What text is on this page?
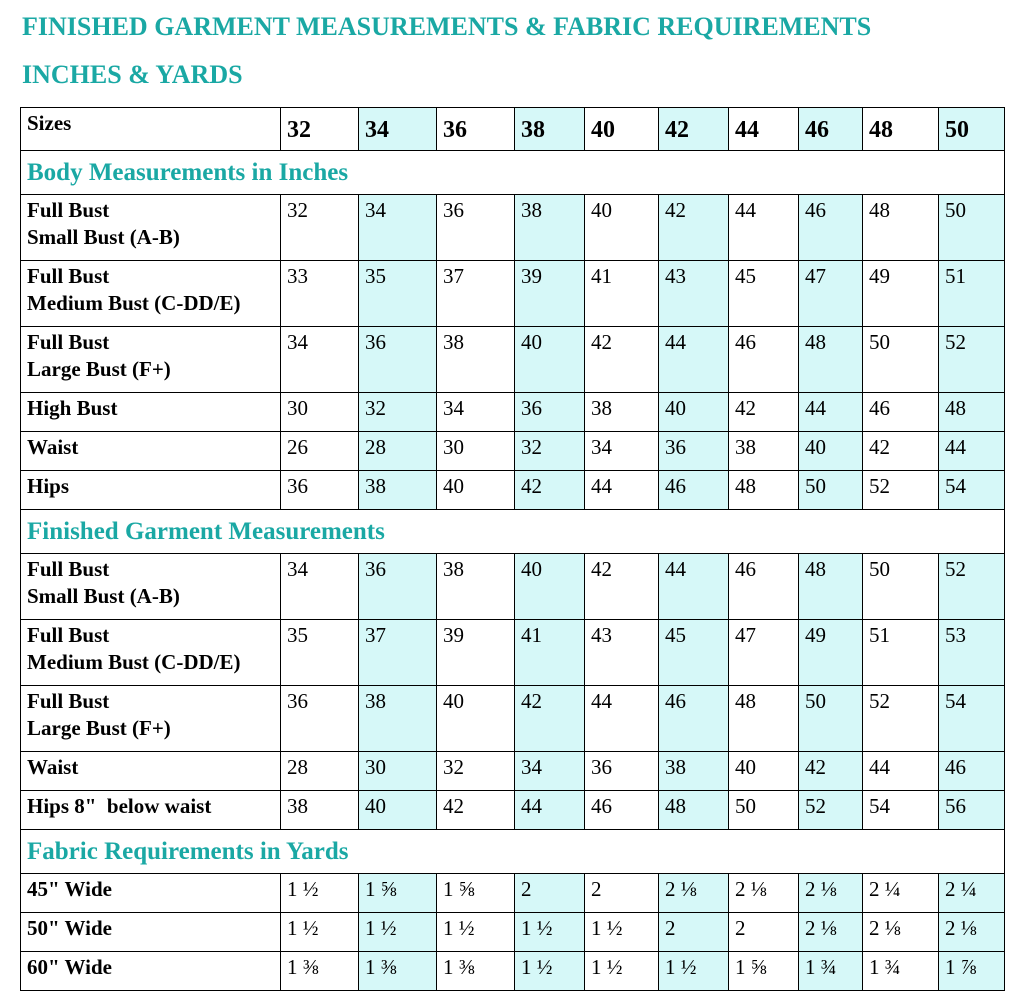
FINISHED GARMENT MEASUREMENTS & FABRIC REQUIREMENTS
INCHES & YARDS
Sizes	32	34	36	38	40	42	44	46	48	50
Body Measurements in Inches										

Full Bust
Small Bust (A-B)	32	34	36	38	40	42	44	46	48	50

Full Bust
Medium Bust (C-DD/E)	33	35	37	39	41	43	45	47	49	51

Full Bust
Large Bust (F+)	34	36	38	40	42	44	46	48	50	52

High Bust	30	32	34	36	38	40	42	44	46	48

Waist	26	28	30	32	34	36	38	40	42	44

Hips	36	38	40	42	44	46	48	50	52	54
Finished Garment Measurements										

Full Bust
Small Bust (A-B)	34	36	38	40	42	44	46	48	50	52

Full Bust
Medium Bust (C-DD/E)	35	37	39	41	43	45	47	49	51	53

Full Bust
Large Bust (F+)	36	38	40	42	44	46	48	50	52	54

Waist	28	30	32	34	36	38	40	42	44	46

Hips 8"  below waist	38	40	42	44	46	48	50	52	54	56
Fabric Requirements in Yards										

45" Wide	1 ½	1 ⅝	1 ⅝	2	2	2 ⅛	2 ⅛	2 ⅛	2 ¼	2 ¼

50" Wide	1 ½	1 ½	1 ½	1 ½	1 ½	2	2	2 ⅛	2 ⅛	2 ⅛

60" Wide	1 ⅜	1 ⅜	1 ⅜	1 ½	1 ½	1 ½	1 ⅝	1 ¾	1 ¾	1 ⅞
